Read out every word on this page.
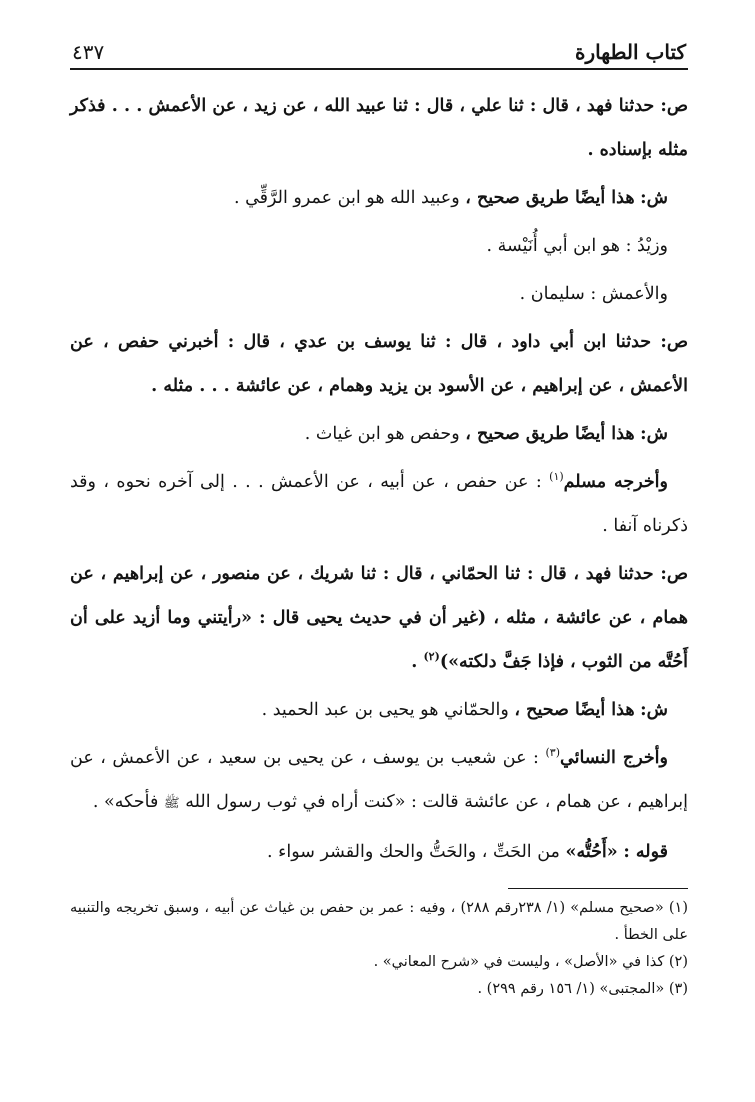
كتاب الطهارة
٤٣٧

ص: حدثنا فهد ، قال : ثنا علي ، قال : ثنا عبيد الله ، عن زيد ، عن الأعمش . . . فذكر مثله بإسناده .

ش: هذا أيضًا طريق صحيح ، وعبيد الله هو ابن عمرو الرَّقِّي .

وزيْدُ : هو ابن أبي أُنَيْسة .

والأعمش : سليمان .

ص: حدثنا ابن أبي داود ، قال : ثنا يوسف بن عدي ، قال : أخبرني حفص ، عن الأعمش ، عن إبراهيم ، عن الأسود بن يزيد وهمام ، عن عائشة . . . مثله .

ش: هذا أيضًا طريق صحيح ، وحفص هو ابن غياث .

وأخرجه مسلم$^{(١)}$ : عن حفص ، عن أبيه ، عن الأعمش . . . إلى آخره نحوه ، وقد ذكرناه آنفا .

ص: حدثنا فهد ، قال : ثنا الحمّاني ، قال : ثنا شريك ، عن منصور ، عن إبراهيم ، عن همام ، عن عائشة ، مثله ، (غير أن في حديث يحيى قال : «رأيتني وما أزيد على أن أَحُتَّه من الثوب ، فإذا جَفَّ دلكته»)$^{(٢)}$ .

ش: هذا أيضًا صحيح ، والحمّاني هو يحيى بن عبد الحميد .

وأخرج النسائي$^{(٣)}$ : عن شعيب بن يوسف ، عن يحيى بن سعيد ، عن الأعمش ، عن إبراهيم ، عن همام ، عن عائشة قالت : «كنت أراه في ثوب رسول الله ﷺ فأحكه» .

قوله : «أَحُتُّه» من الحَتِّ ، والحَتُّ والحك والقشر سواء .

(١) «صحيح مسلم» (١/ ٢٣٨رقم ٢٨٨) ، وفيه : عمر بن حفص بن غياث عن أبيه ، وسبق تخريجه والتنبيه على الخطأ .

(٢) كذا في «الأصل» ، وليست في «شرح المعاني» .

(٣) «المجتبى» (١/ ١٥٦ رقم ٢٩٩) .
